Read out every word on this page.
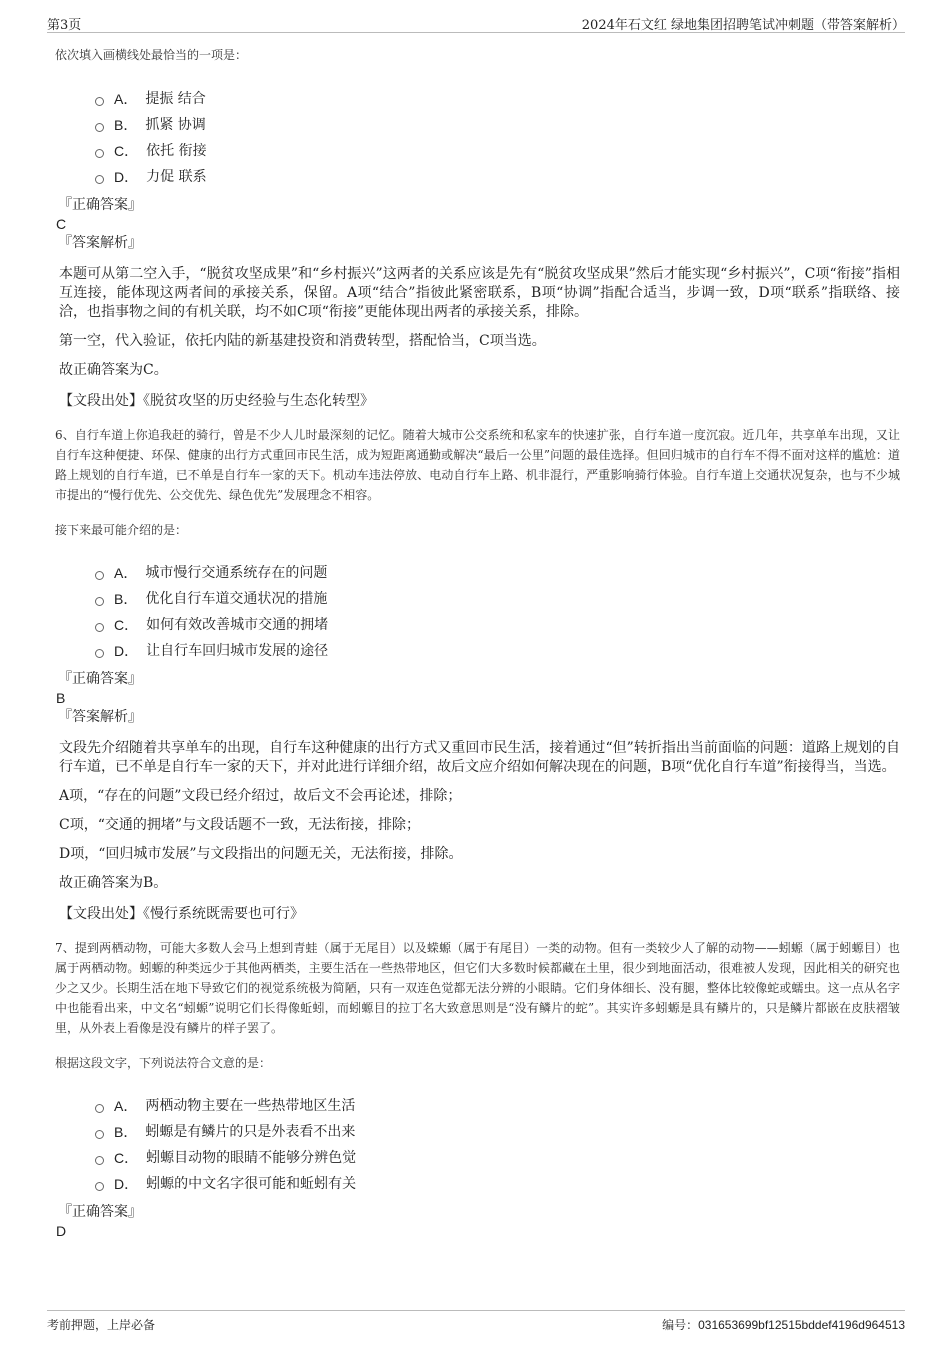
第3页	2024年石文红 绿地集团招聘笔试冲刺题（带答案解析）
依次填入画横线处最恰当的一项是：
A． 提振 结合
B． 抓紧 协调
C． 依托 衔接
D． 力促 联系
『正确答案』
C
『答案解析』
本题可从第二空入手，“脱贫攻坚成果”和“乡村振兴”这两者的关系应该是先有“脱贫攻坚成果”然后才能实现“乡村振兴”，C项“衔接”指相互连接，能体现这两者间的承接关系，保留。A项“结合”指彼此紧密联系，B项“协调”指配合适当，步调一致，D项“联系”指联络、接洽，也指事物之间的有机关联，均不如C项“衔接”更能体现出两者的承接关系，排除。
第一空，代入验证，依托内陆的新基建投资和消费转型，搭配恰当，C项当选。
故正确答案为C。
【文段出处】《脱贫攻坚的历史经验与生态化转型》
6、自行车道上你追我赶的骑行，曾是不少人儿时最深刻的记忆。随着大城市公交系统和私家车的快速扩张，自行车道一度沉寂。近几年，共享单车出现，又让自行车这种便捷、环保、健康的出行方式重回市民生活，成为短距离通勤或解决“最后一公里”问题的最佳选择。但回归城市的自行车不得不面对这样的尴尬：道路上规划的自行车道，已不单是自行车一家的天下。机动车违法停放、电动自行车上路、机非混行，严重影响骑行体验。自行车道上交通状况复杂，也与不少城市提出的“慢行优先、公交优先、绿色优先”发展理念不相容。
接下来最可能介绍的是：
A． 城市慢行交通系统存在的问题
B． 优化自行车道交通状况的措施
C． 如何有效改善城市交通的拥堵
D． 让自行车回归城市发展的途径
『正确答案』
B
『答案解析』
文段先介绍随着共享单车的出现，自行车这种健康的出行方式又重回市民生活，接着通过“但”转折指出当前面临的问题：道路上规划的自行车道，已不单是自行车一家的天下，并对此进行详细介绍，故后文应介绍如何解决现在的问题，B项“优化自行车道”衔接得当，当选。
A项，“存在的问题”文段已经介绍过，故后文不会再论述，排除；
C项，“交通的拥堵”与文段话题不一致，无法衔接，排除；
D项，“回归城市发展”与文段指出的问题无关，无法衔接，排除。
故正确答案为B。
【文段出处】《慢行系统既需要也可行》
7、提到两栖动物，可能大多数人会马上想到青蛙（属于无尾目）以及蝾螈（属于有尾目）一类的动物。但有一类较少人了解的动物——蚓螈（属于蚓螈目）也属于两栖动物。蚓螈的种类远少于其他两栖类，主要生活在一些热带地区，但它们大多数时候都藏在土里，很少到地面活动，很难被人发现，因此相关的研究也少之又少。长期生活在地下导致它们的视觉系统极为简陋，只有一双连色觉都无法分辨的小眼睛。它们身体细长、没有腿，整体比较像蛇或蠕虫。这一点从名字中也能看出来，中文名“蚓螈”说明它们长得像蚯蚓，而蚓螈目的拉丁名大致意思则是“没有鳞片的蛇”。其实许多蚓螈是具有鳞片的，只是鳞片都嵌在皮肤褶皱里，从外表上看像是没有鳞片的样子罢了。
根据这段文字，下列说法符合文意的是：
A． 两栖动物主要在一些热带地区生活
B． 蚓螈是有鳞片的只是外表看不出来
C． 蚓螈目动物的眼睛不能够分辨色觉
D． 蚓螈的中文名字很可能和蚯蚓有关
『正确答案』
D
考前押题，上岸必备	编号：031653699bf12515bddef4196d964513
